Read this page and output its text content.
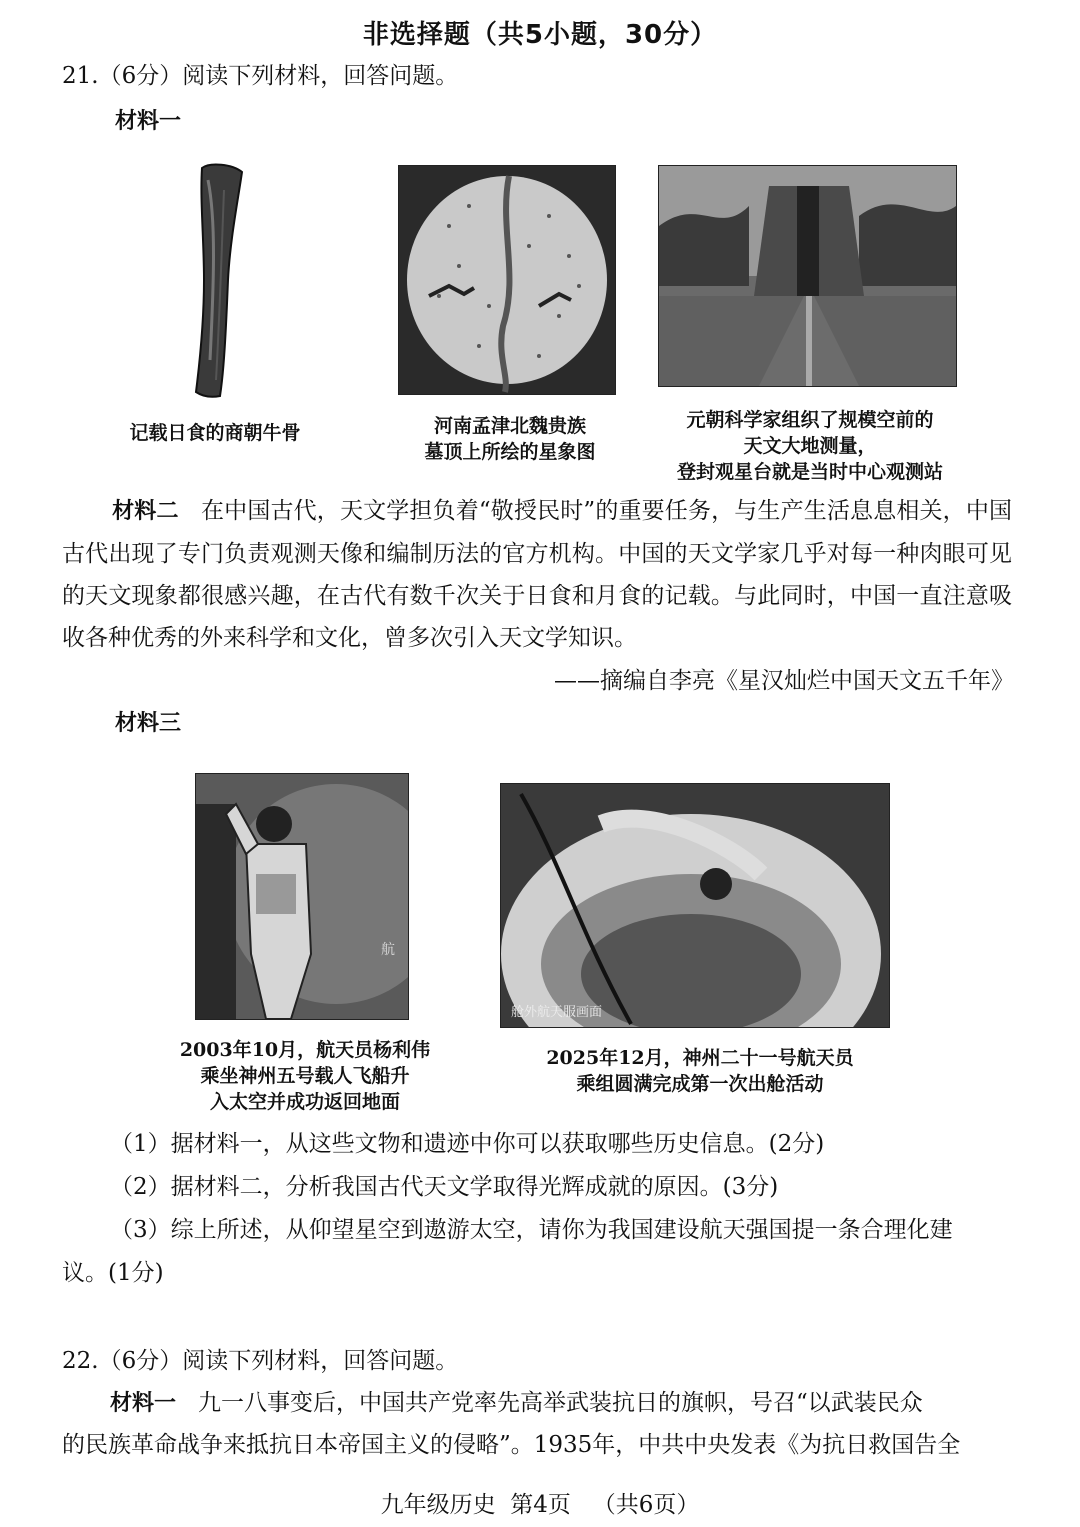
非选择题（共5小题，30分）
21.（6分）阅读下列材料，回答问题。
材料一
记载日食的商朝牛骨	河南孟津北魏贵族
墓顶上所绘的星象图
元朝科学家组织了规模空前的
天文大地测量，
登封观星台就是当时中心观测站
材料二 在中国古代，天文学担负着“敬授民时”的重要任务，与生产生活息息相关，中国古代出现了专门负责观测天像和编制历法的官方机构。中国的天文学家几乎对每一种肉眼可见的天文现象都很感兴趣，在古代有数千次关于日食和月食的记载。与此同时，中国一直注意吸收各种优秀的外来科学和文化，曾多次引入天文学知识。
——摘编自李亮《星汉灿烂中国天文五千年》
材料三
航
舱外航天服画面
2003年10月，航天员杨利伟
乘坐神州五号载人飞船升
入太空并成功返回地面
2025年12月，神州二十一号航天员
乘组圆满完成第一次出舱活动
（1）据材料一，从这些文物和遗迹中你可以获取哪些历史信息。(2分)
（2）据材料二，分析我国古代天文学取得光辉成就的原因。(3分)
（3）综上所述，从仰望星空到遨游太空，请你为我国建设航天强国提一条合理化建
议。(1分)
22.（6分）阅读下列材料，回答问题。
材料一 九一八事变后，中国共产党率先高举武装抗日的旗帜，号召“以武装民众
的民族革命战争来抵抗日本帝国主义的侵略”。1935年，中共中央发表《为抗日救国告全
九年级历史  第4页   （共6页）
